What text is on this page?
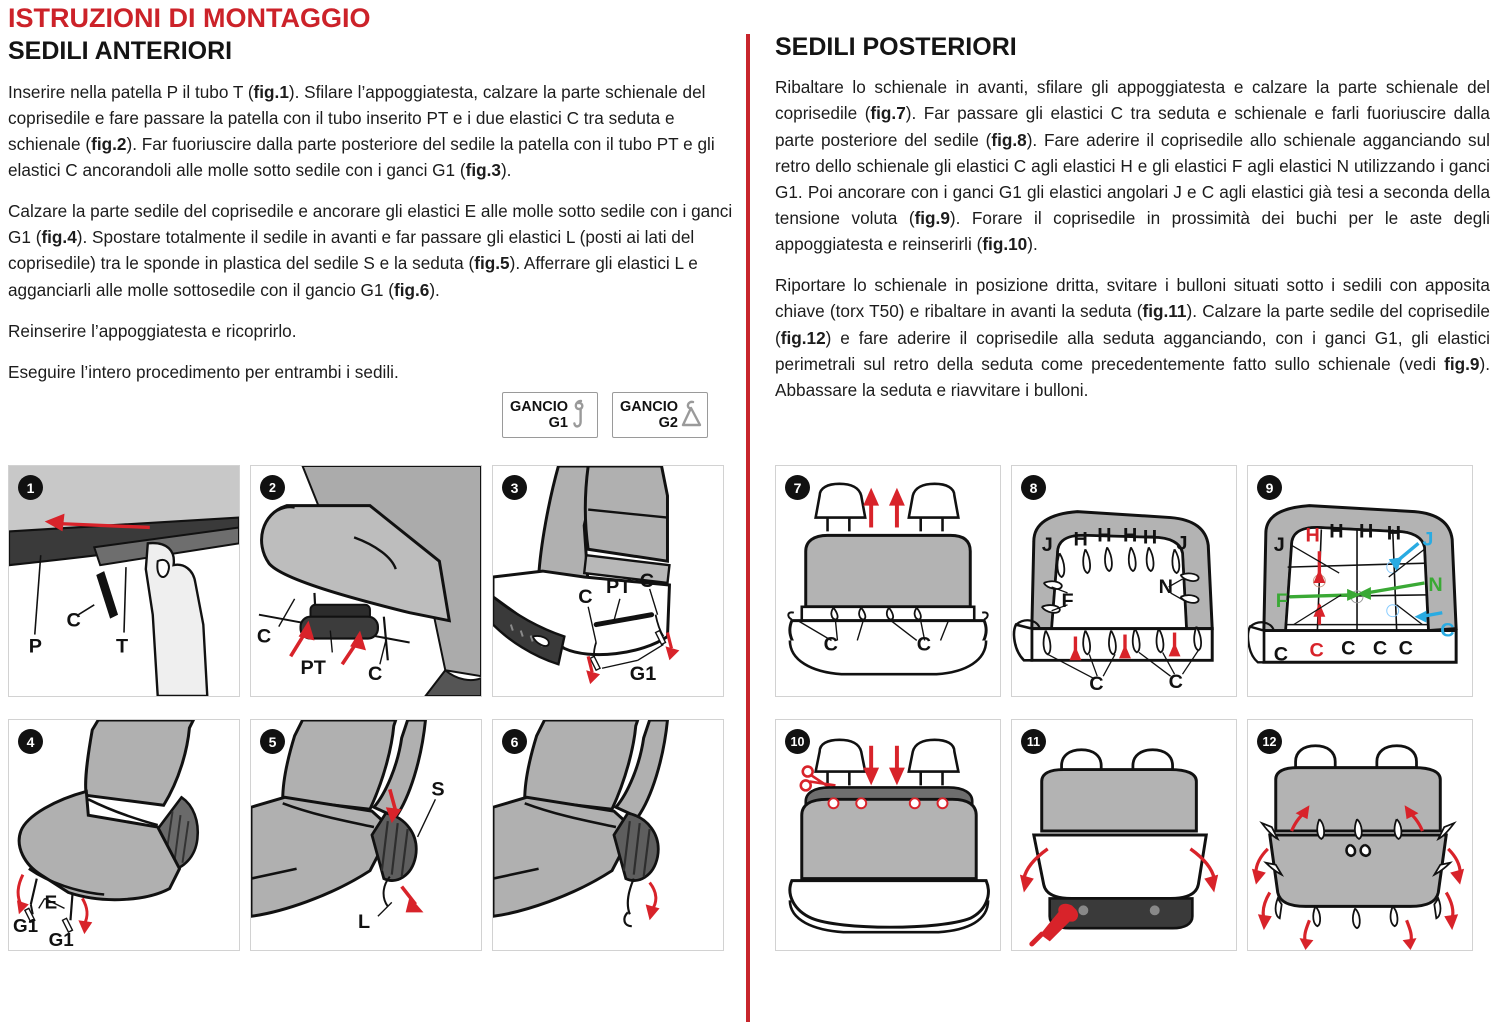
ISTRUZIONI DI MONTAGGIO
SEDILI ANTERIORI

Inserire nella patella P il tubo T (fig.1). Sfilare l’appoggiatesta, calzare la parte schienale del coprisedile e fare passare la patella con il tubo inserito PT e i due elastici C tra seduta e schienale (fig.2). Far fuoriuscire dalla parte posteriore del sedile la patella con il tubo PT e gli elastici C ancorandoli alle molle sotto sedile con i ganci G1 (fig.3).

Calzare la parte sedile del coprisedile e ancorare gli elastici E alle molle sotto sedile con i ganci G1 (fig.4). Spostare totalmente il sedile in avanti e far passare gli elastici L (posti ai lati del coprisedile) tra le sponde in plastica del sedile S e la seduta (fig.5). Afferrare gli elastici L e agganciarli alle molle sottosedile con il gancio G1 (fig.6).

Reinserire l’appoggiatesta e ricoprirlo.

Eseguire l’intero procedimento per entrambi i sedili.

SEDILI POSTERIORI

Ribaltare lo schienale in avanti, sfilare gli appoggiatesta e calzare la parte schienale del coprisedile (fig.7). Far passare gli elastici C tra seduta e schienale e farli fuoriuscire dalla parte posteriore del sedile (fig.8). Fare aderire il coprisedile allo schienale agganciando sul retro dello schienale gli elastici C agli elastici H e gli elastici F agli elastici N utilizzando i ganci G1. Poi ancorare con i ganci G1 gli elastici angolari J e C agli elastici già tesi a seconda della tensione voluta (fig.9). Forare il coprisedile in prossimità dei buchi per le aste degli appoggiatesta e reinserirli (fig.10).

Riportare lo schienale in posizione dritta, svitare i bulloni situati sotto i sedili con apposita chiave (torx T50) e ribaltare in avanti la seduta (fig.11). Calzare la parte sedile del coprisedile (fig.12) e fare aderire il coprisedile alla seduta agganciando, con i ganci G1, gli elastici perimetrali sul retro della seduta come precedentemente fatto sullo schienale (vedi fig.9). Abbassare la seduta e riavvitare i bulloni.

GANCIO
G1
GANCIO
G2
1
P
C
T
2
C
PT C
3
C PT C
G1
4
E
G1
G1
5
S
L
6
7
C	C
8
J H H H H J
F
N
C	C
9
J H H H H J
F
N
C C C C C
C
10	11	12
